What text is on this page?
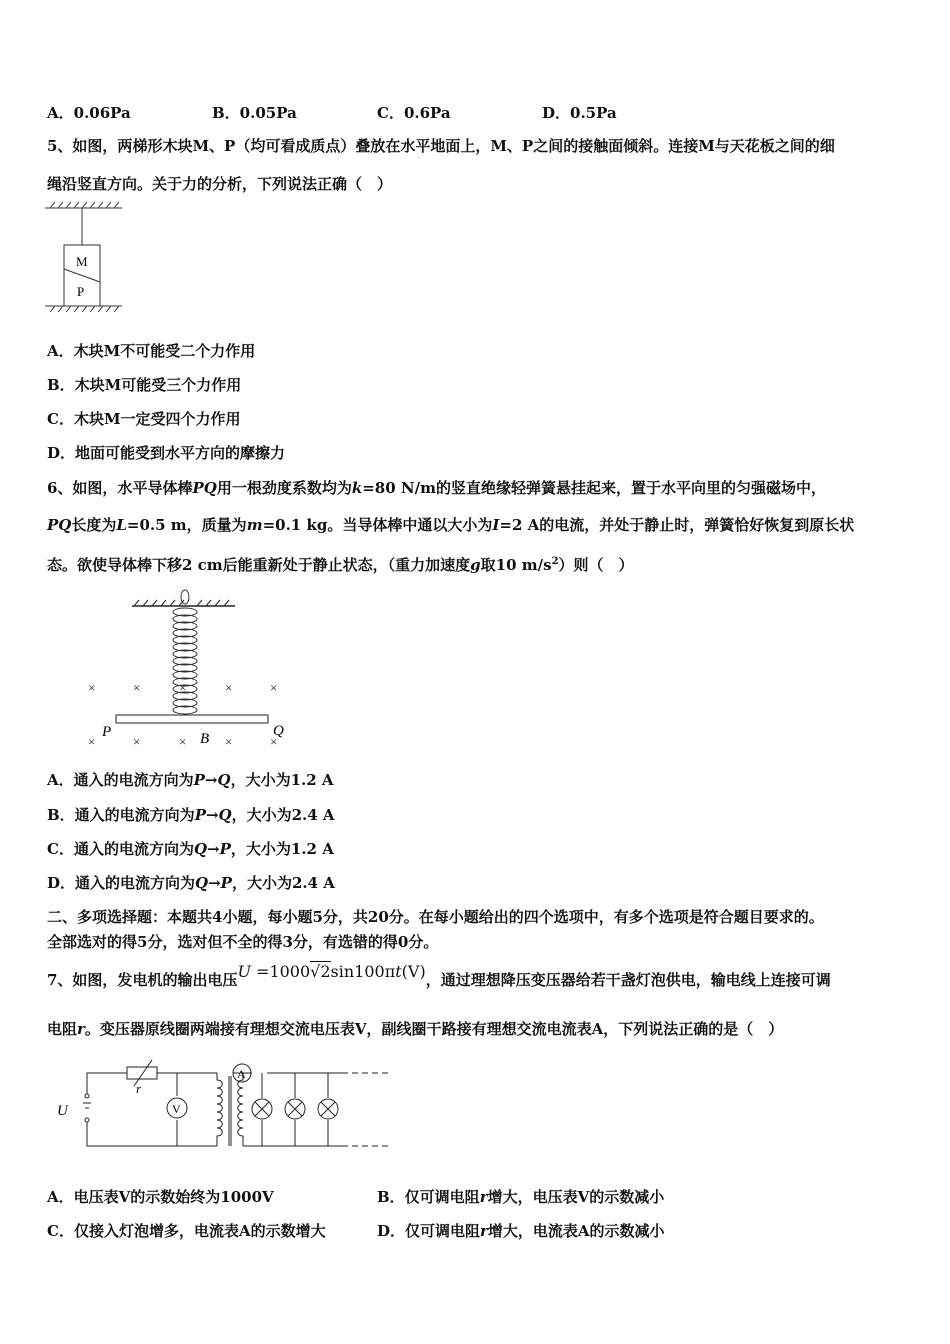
A．0.06Pa	B．0.05Pa	C．0.6Pa	D．0.5Pa
5、如图，两梯形木块M、P（均可看成质点）叠放在水平地面上，M、P之间的接触面倾斜。连接M与天花板之间的细
绳沿竖直方向。关于力的分析，下列说法正确（　）
M
P
A．木块M不可能受二个力作用
B．木块M可能受三个力作用
C．木块M一定受四个力作用
D．地面可能受到水平方向的摩擦力
6、如图，水平导体棒PQ用一根劲度系数均为k=80 N/m的竖直绝缘轻弹簧悬挂起来，置于水平向里的匀强磁场中，
PQ长度为L=0.5 m，质量为m=0.1 kg。当导体棒中通以大小为I=2 A的电流，并处于静止时，弹簧恰好恢复到原长状
态。欲使导体棒下移2 cm后能重新处于静止状态，（重力加速度g取10 $m/s^2$）则（　）
×	×	×	×	×
×	×	×	×	×
P	Q
B
A．通入的电流方向为P→Q，大小为1.2 A
B．通入的电流方向为P→Q，大小为2.4 A
C．通入的电流方向为Q→P，大小为1.2 A
D．通入的电流方向为Q→P，大小为2.4 A
二、多项选择题：本题共4小题，每小题5分，共20分。在每小题给出的四个选项中，有多个选项是符合题目要求的。
全部选对的得5分，选对但不全的得3分，有选错的得0分。
7、如图，发电机的输出电压U =1000√2sin100πt(V)，通过理想降压变压器给若干盏灯泡供电，输电线上连接可调
电阻r。变压器原线圈两端接有理想交流电压表V，副线圈干路接有理想交流电流表A，下列说法正确的是（　）
U
r
V
A
A．电压表V的示数始终为1000V	B．仅可调电阻r增大，电压表V的示数减小
C．仅接入灯泡增多，电流表A的示数增大	D．仅可调电阻r增大，电流表A的示数减小
